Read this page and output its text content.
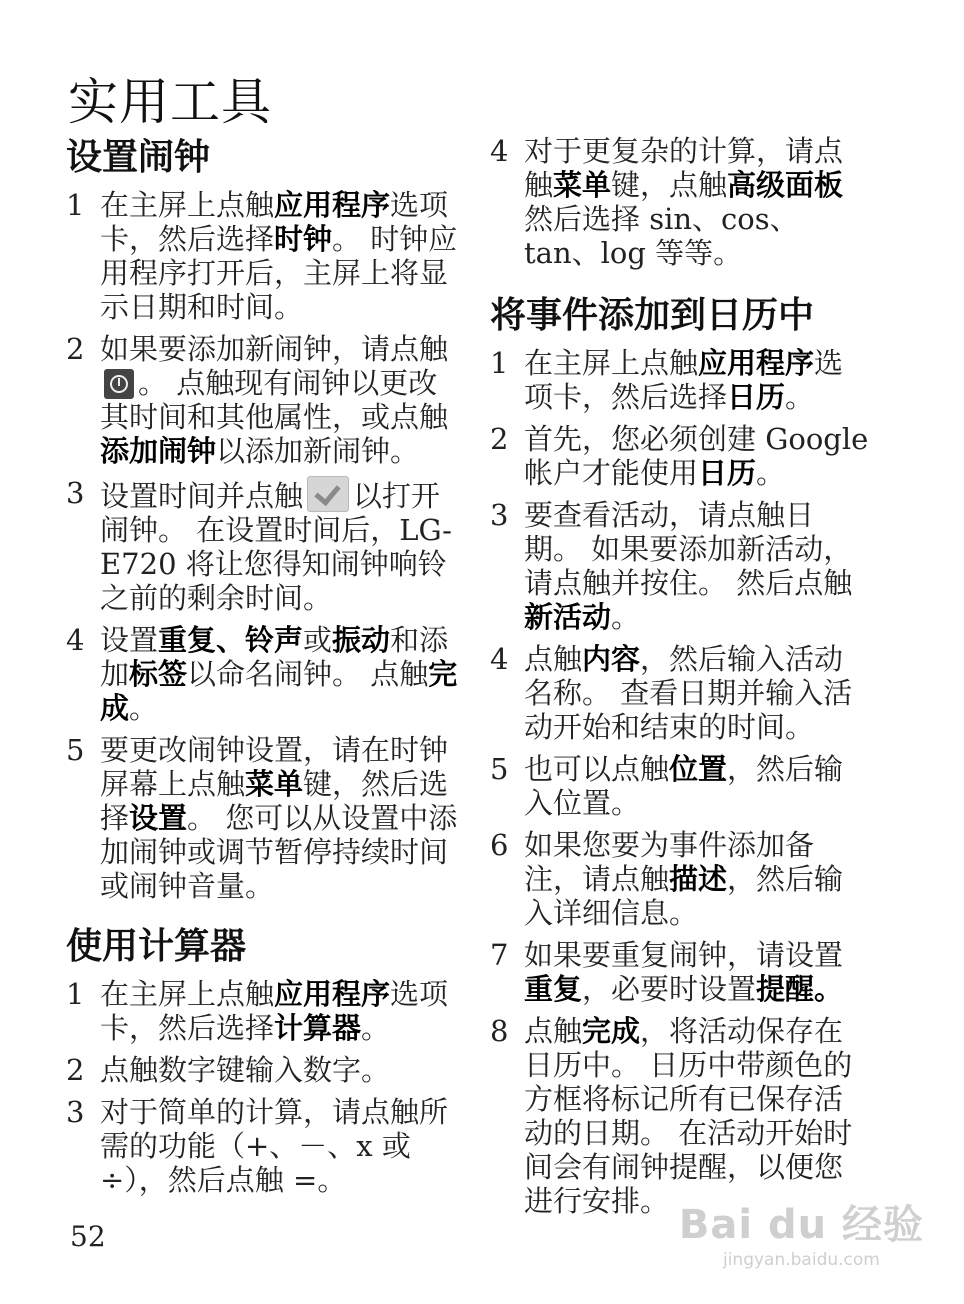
实用工具
设置闹钟
1 在主屏上点触应用程序选项卡，然后选择时钟。 时钟应用程序打开后，主屏上将显示日期和时间。
2 如果要添加新闹钟，请点触。 点触现有闹钟以更改其时间和其他属性，或点触添加闹钟以添加新闹钟。
3 设置时间并点触 以打开闹钟。 在设置时间后，LG-E720 将让您得知闹钟响铃之前的剩余时间。
4 设置重复、铃声或振动和添加标签以命名闹钟。 点触完成。
5 要更改闹钟设置，请在时钟屏幕上点触菜单键，然后选择设置。 您可以从设置中添加闹钟或调节暂停持续时间或闹钟音量。
使用计算器
1 在主屏上点触应用程序选项卡，然后选择计算器。
2 点触数字键输入数字。
3 对于简单的计算，请点触所需的功能（+、－、x 或 ÷），然后点触 =。
4 对于更复杂的计算，请点触菜单键，点触高级面板然后选择 sin、cos、tan、log 等等。
将事件添加到日历中
1 在主屏上点触应用程序选项卡，然后选择日历。
2 首先，您必须创建 Google 帐户才能使用日历。
3 要查看活动，请点触日期。 如果要添加新活动，请点触并按住。 然后点触新活动。
4 点触内容，然后输入活动名称。 查看日期并输入活动开始和结束的时间。
5 也可以点触位置，然后输入位置。
6 如果您要为事件添加备注，请点触描述，然后输入详细信息。
7 如果要重复闹钟，请设置重复，必要时设置提醒。
8 点触完成，将活动保存在日历中。 日历中带颜色的方框将标记所有已保存活动的日期。 在活动开始时间会有闹钟提醒，以便您进行安排。
52	Bai du 经验
jingyan.baidu.com
